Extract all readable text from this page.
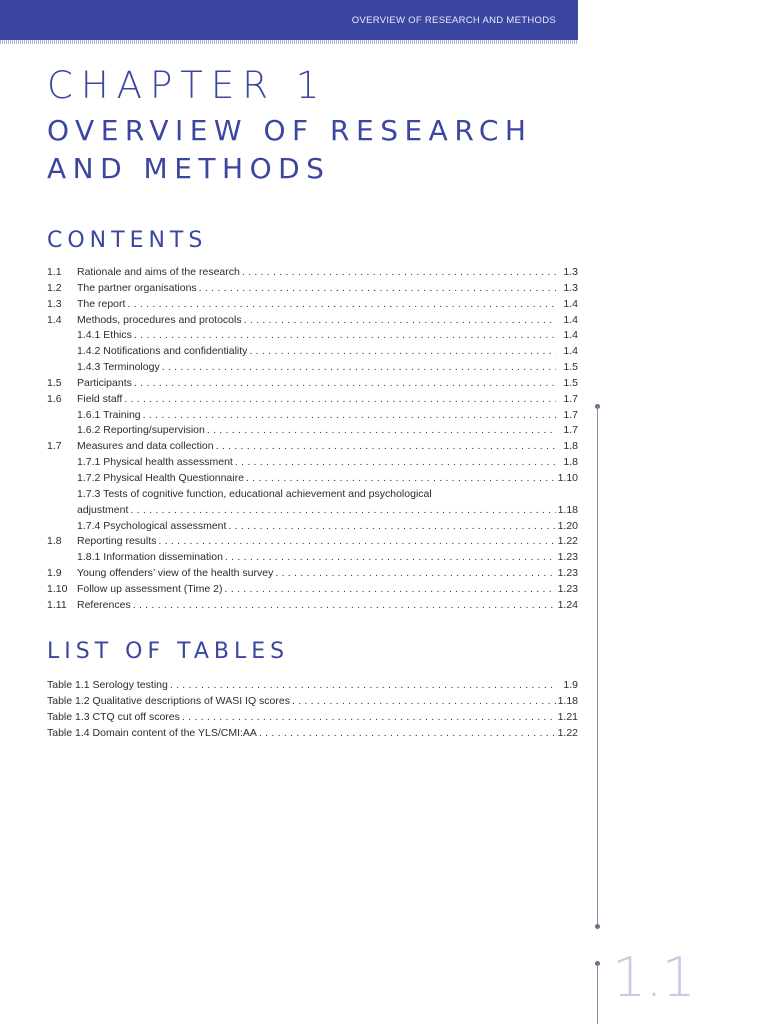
OVERVIEW OF RESEARCH AND METHODS
CHAPTER 1
OVERVIEW OF RESEARCH AND METHODS
CONTENTS
1.1	Rationale and aims of the research . . .	1.3
1.2	The partner organisations . . .	1.3
1.3	The report . . .	1.4
1.4	Methods, procedures and protocols . . .	1.4
1.4.1 Ethics . . .	1.4
1.4.2 Notifications and confidentiality . . .	1.4
1.4.3 Terminology . . .	1.5
1.5	Participants . . .	1.5
1.6	Field staff . . .	1.7
1.6.1 Training . . .	1.7
1.6.2 Reporting/supervision . . .	1.7
1.7	Measures and data collection . . .	1.8
1.7.1 Physical health assessment . . .	1.8
1.7.2 Physical Health Questionnaire . . .	1.10
1.7.3 Tests of cognitive function, educational achievement and psychological
adjustment . . .	1.18
1.7.4 Psychological assessment . . .	1.20
1.8	Reporting results . . .	1.22
1.8.1 Information dissemination . . .	1.23
1.9	Young offenders’ view of the health survey . . .	1.23
1.10 Follow up assessment (Time 2) . . .	1.23
1.11 References . . .	1.24
LIST OF TABLES
Table 1.1 Serology testing . . .	1.9
Table 1.2 Qualitative descriptions of WASI IQ scores . . .	1.18
Table 1.3 CTQ cut off scores . . .	1.21
Table 1.4 Domain content of the YLS/CMI:AA . . .	1.22
1.1
